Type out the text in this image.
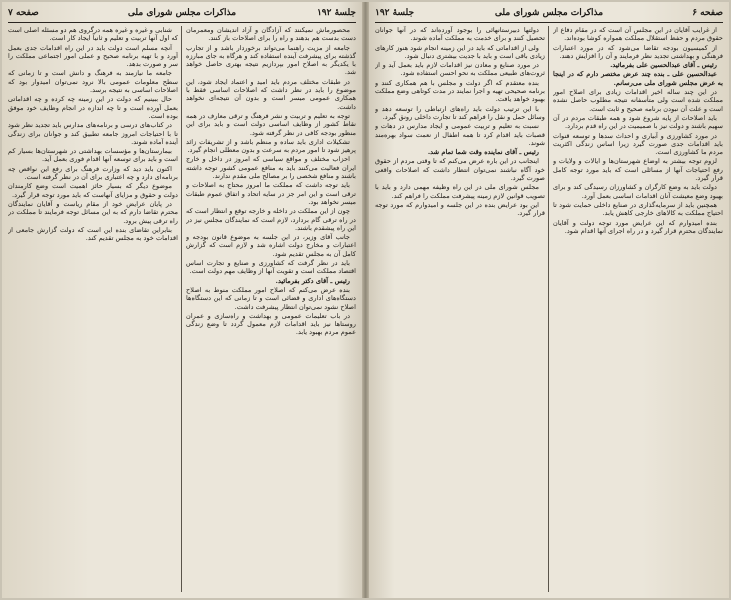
جلسهٔ ۱۹۲
مذاکرات مجلس شورای ملی
صفحه ۷

محصورماش نمیکنند که آزادگان و آزاد اندیشان ومعمرمان دست بدست هم بدهند و راه را برای اصلاحات باز کنند.

جامعه از مزیت راهنما می‌تواند برخوردار باشد و از تجارب گذشته برای پیشرفت آینده استفاده کند و هرگاه به جای مبارزه با یکدیگر به اصلاح امور بپردازیم نتیجه بهتری حاصل خواهد شد.

در طبقات مختلف مردم باید امید و اعتماد ایجاد شود، این موضوع را باید در نظر داشت که اصلاحات اساسی فقط با همکاری عمومی میسر است و بدون آن نتیجه‌ای نخواهد داشت.

توجه به تعلیم و تربیت و نشر فرهنگ و ترقی معارف در همه نقاط کشور از وظایف اساسی دولت است و باید برای این منظور بودجه کافی در نظر گرفته شود.

تشکیلات اداری باید ساده و منظم باشد و از تشریفات زائد پرهیز شود تا امور مردم به سرعت و بدون معطلی انجام گیرد.

احزاب مختلف و مواقع سیاسی که امروز در داخل و خارج ایران فعالیت می‌کنند باید به منافع عمومی کشور توجه داشته باشند و منافع شخصی را بر مصالح ملی مقدم ندارند.

باید توجه داشت که مملکت ما امروز محتاج به اصلاحات و ترقی است و این امر جز در سایه اتحاد و اتفاق عموم طبقات میسر نخواهد بود.

چون از این مملکت در داخله و خارجه توقع و انتظار است که در راه ترقی گام بردارد، لازم است که نمایندگان مجلس نیز در این راه پیشقدم باشند.

جانب آقای وزیر، در این جلسه به موضوع قانون بودجه و اعتبارات و مخارج دولت اشاره شد و لازم است که گزارش کامل آن به مجلس تقدیم شود.

باید در نظر گرفت که کشاورزی و صنایع و تجارت اساس اقتصاد مملکت است و تقویت آنها از وظایف مهم دولت است.

رئیس ـ آقای دکتر بفرمائید.

بنده عرض می‌کنم که اصلاح امور مملکت منوط به اصلاح دستگاه‌های اداری و قضائی است و تا زمانی که این دستگاه‌ها اصلاح نشود نمی‌توان انتظار پیشرفت داشت.

در باب تعلیمات عمومی و بهداشت و راه‌سازی و عمران روستاها نیز باید اقدامات لازم معمول گردد تا وضع زندگی عموم مردم بهبود یابد.

شنابی و غیره و غیره همه درگروی هم دو مسئله اصلی است که اول آنها تربیت و تعلیم و ثانیاً ایجاد کار است.

آنچه مسلم است دولت باید در این راه اقدامات جدی بعمل آورد و با تهیه برنامه صحیح و عملی امور اجتماعی مملکت را سر و صورت بدهد.

جامعه ما نیازمند به فرهنگ و دانش است و تا زمانی که سطح معلومات عمومی بالا نرود نمی‌توان امیدوار بود که اصلاحات اساسی به نتیجه برسد.

حال ببینیم که دولت در این زمینه چه کرده و چه اقداماتی بعمل آورده است و تا چه اندازه در انجام وظایف خود موفق بوده است.

در کتاب‌های درسی و برنامه‌های مدارس باید تجدید نظر شود تا با احتیاجات امروز جامعه تطبیق کند و جوانان برای زندگی آینده آماده شوند.

بیمارستان‌ها و مؤسسات بهداشتی در شهرستان‌ها بسیار کم است و باید برای توسعه آنها اقدام فوری بعمل آید.

اکنون باید دید که وزارت فرهنگ برای رفع این نواقص چه برنامه‌ای دارد و چه اعتباری برای آن در نظر گرفته است.

موضوع دیگر که بسیار حائز اهمیت است وضع کارمندان دولت و حقوق و مزایای آنهاست که باید مورد توجه قرار گیرد.

در پایان عرایض خود از مقام ریاست و آقایان نمایندگان محترم تقاضا دارم که به این مسائل توجه فرمایند تا مملکت در راه ترقی پیش برود.

بنابراین تقاضای بنده این است که دولت گزارش جامعی از اقدامات خود به مجلس تقدیم کند.

صفحه ۶
مذاکرات مجلس شورای ملی
جلسهٔ ۱۹۲

از غرایب آقایان در این مجلس آن است که در مقام دفاع از حقوق مردم و حفظ استقلال مملکت همواره کوشا بوده‌اند.

از کمیسیون بودجه تقاضا می‌شود که در مورد اعتبارات فرهنگی و بهداشتی تجدید نظر فرمایند و آن را افزایش دهند.

رئیس ـ آقای عبدالحسین علی بفرمائید.

عبدالحسین علی ـ بنده چند عرض مختصر دارم که در اینجا به عرض مجلس شورای ملی می‌رسانم.

در این چند ساله اخیر اقدامات زیادی برای اصلاح امور مملکت شده است ولی متأسفانه نتیجه مطلوب حاصل نشده است و علت آن نبودن برنامه صحیح و ثابت است.

باید اصلاحات از پایه شروع شود و همه طبقات مردم در آن سهیم باشند و دولت نیز با صمیمیت در این راه قدم بردارد.

در مورد کشاورزی و آبیاری و احداث سدها و توسعه قنوات باید اقدامات جدی صورت گیرد زیرا اساس زندگی اکثریت مردم ما کشاورزی است.

لزوم توجه بیشتر به اوضاع شهرستان‌ها و ایالات و ولایات و رفع احتیاجات آنها از مسائلی است که باید مورد توجه کامل قرار گیرد.

دولت باید به وضع کارگران و کشاورزان رسیدگی کند و برای بهبود وضع معیشت آنان اقدامات اساسی بعمل آورد.

همچنین باید از سرمایه‌گذاری در صنایع داخلی حمایت شود تا احتیاج مملکت به کالاهای خارجی کاهش یابد.

بنده امیدوارم که این عرایض مورد توجه دولت و آقایان نمایندگان محترم قرار گیرد و در راه اجرای آنها اقدام شود.

دولتها دبیرستانهائی را بوجود آورده‌اند که در آنها جوانان تحصیل کنند و برای خدمت به مملکت آماده شوند.

ولی از اقداماتی که باید در این زمینه انجام شود هنوز کارهای زیادی باقی است و باید با جدیت بیشتری دنبال شود.

در مورد صنایع و معادن نیز اقدامات لازم باید بعمل آید و از ثروت‌های طبیعی مملکت به نحو احسن استفاده شود.

بنده معتقدم که اگر دولت و مجلس با هم همکاری کنند و برنامه صحیحی تهیه و اجرا نمایند در مدت کوتاهی وضع مملکت بهبود خواهد یافت.

با این ترتیب دولت باید راه‌های ارتباطی را توسعه دهد و وسائل حمل و نقل را فراهم کند تا تجارت داخلی رونق گیرد.

نسبت به تعلیم و تربیت عمومی و ایجاد مدارس در دهات و قصبات باید اقدام کرد تا همه اطفال از نعمت سواد بهره‌مند شوند.

رئیس ـ آقای نماینده وقت شما تمام شد.

اینجانب در این باره عرض می‌کنم که تا وقتی مردم از حقوق خود آگاه نباشند نمی‌توان انتظار داشت که اصلاحات واقعی صورت گیرد.

مجلس شورای ملی در این راه وظیفه مهمی دارد و باید با تصویب قوانین لازم زمینه پیشرفت مملکت را فراهم کند.

این بود عرایض بنده در این جلسه و امیدوارم که مورد توجه قرار گیرد.
